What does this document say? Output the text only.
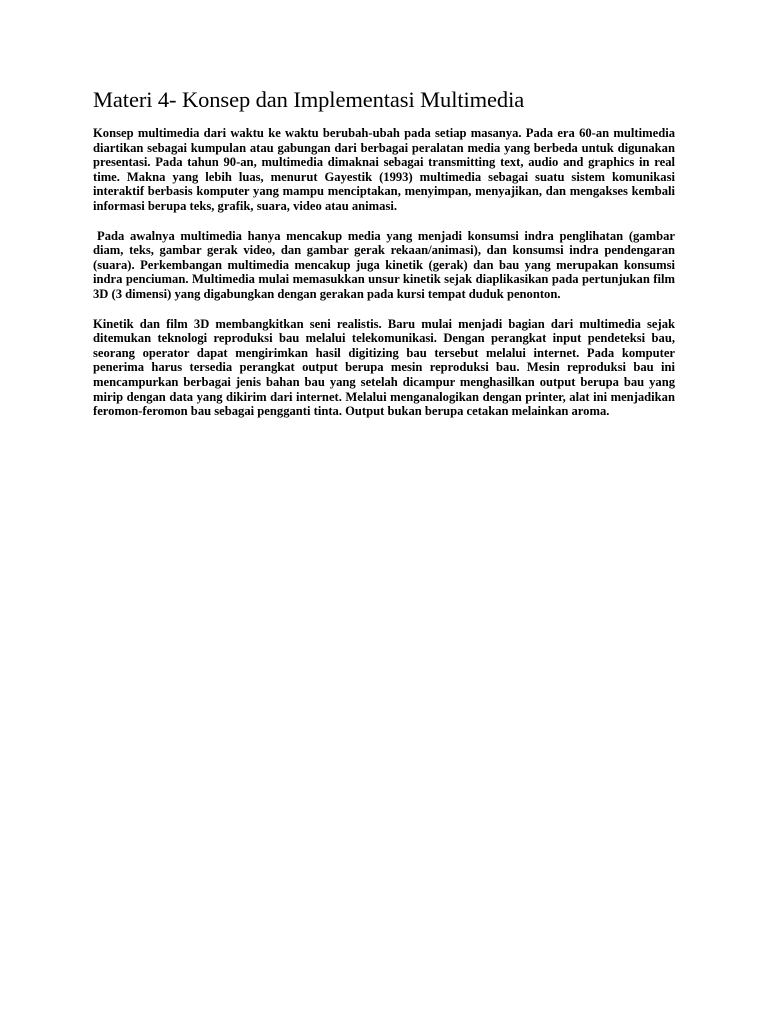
Materi 4- Konsep dan Implementasi Multimedia

Konsep multimedia dari waktu ke waktu berubah-ubah pada setiap masanya. Pada era 60-an multimedia diartikan sebagai kumpulan atau gabungan dari berbagai peralatan media yang berbeda untuk digunakan presentasi. Pada tahun 90-an, multimedia dimaknai sebagai transmitting text, audio and graphics in real time. Makna yang lebih luas, menurut Gayestik (1993) multimedia sebagai suatu sistem komunikasi interaktif berbasis komputer yang mampu menciptakan, menyimpan, menyajikan, dan mengakses kembali informasi berupa teks, grafik, suara, video atau animasi.

Pada awalnya multimedia hanya mencakup media yang menjadi konsumsi indra penglihatan (gambar diam, teks, gambar gerak video, dan gambar gerak rekaan/animasi), dan konsumsi indra pendengaran (suara). Perkembangan multimedia mencakup juga kinetik (gerak) dan bau yang merupakan konsumsi indra penciuman. Multimedia mulai memasukkan unsur kinetik sejak diaplikasikan pada pertunjukan film 3D (3 dimensi) yang digabungkan dengan gerakan pada kursi tempat duduk penonton.

Kinetik dan film 3D membangkitkan seni realistis. Baru mulai menjadi bagian dari multimedia sejak ditemukan teknologi reproduksi bau melalui telekomunikasi. Dengan perangkat input pendeteksi bau, seorang operator dapat mengirimkan hasil digitizing bau tersebut melalui internet. Pada komputer penerima harus tersedia perangkat output berupa mesin reproduksi bau. Mesin reproduksi bau ini mencampurkan berbagai jenis bahan bau yang setelah dicampur menghasilkan output berupa bau yang mirip dengan data yang dikirim dari internet. Melalui menganalogikan dengan printer, alat ini menjadikan feromon-feromon bau sebagai pengganti tinta. Output bukan berupa cetakan melainkan aroma.
